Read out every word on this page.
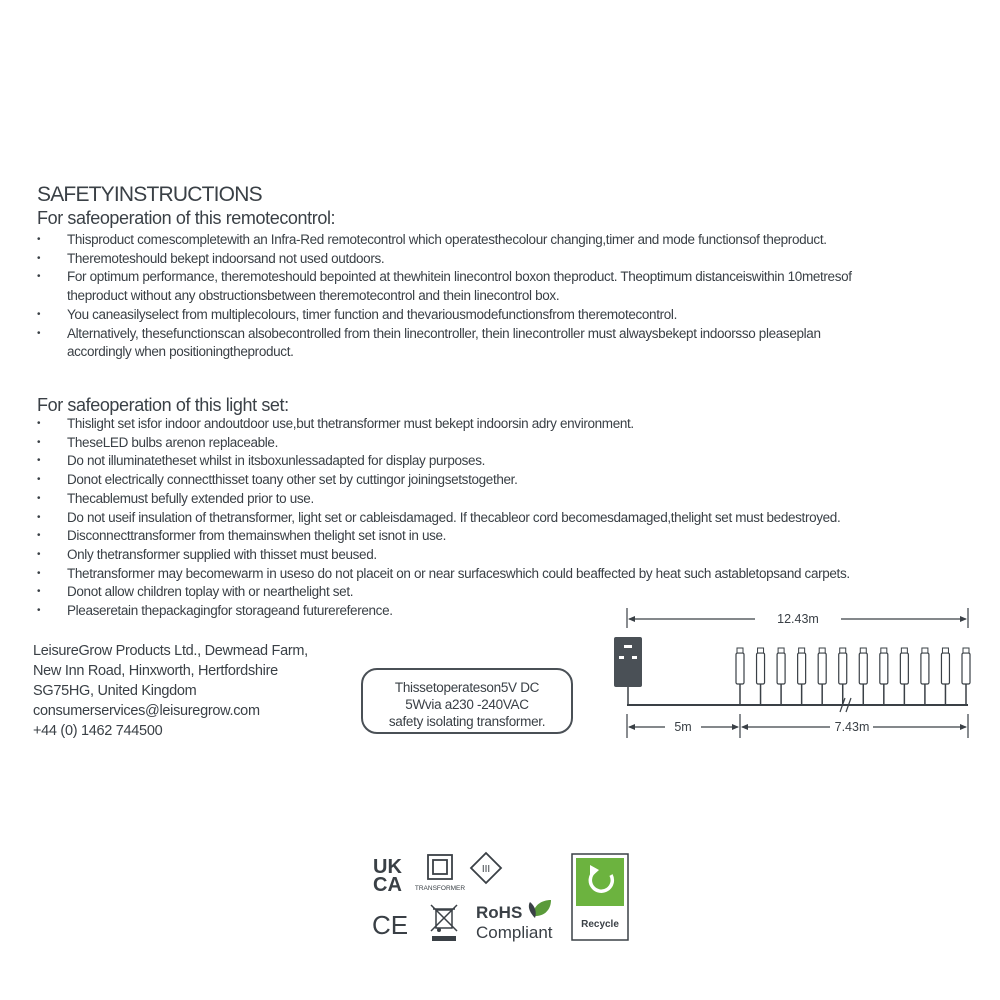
SAFETYINSTRUCTIONS
For safeoperation of this remotecontrol:
• Thisproduct comescompletewith an Infra-Red remotecontrol which operatesthecolour changing,timer and mode functionsof theproduct.
• Theremoteshould bekept indoorsand not used outdoors.
• For optimum performance, theremoteshould bepointed at thewhitein linecontrol boxon theproduct. Theoptimum distanceiswithin 10metresof theproduct without any obstructionsbetween theremotecontrol and thein linecontrol box.
• You caneasilyselect from multiplecolours, timer function and thevariousmodefunctionsfrom theremotecontrol.
• Alternatively, thesefunctionscan alsobecontrolled from thein linecontroller, thein linecontroller must alwaysbekept indoorsso pleaseplan accordingly when positioningtheproduct.
For safeoperation of this light set:
• Thislight set isfor indoor andoutdoor use,but thetransformer must bekept indoorsin adry environment.
• TheseLED bulbs arenon replaceable.
• Do not illuminatetheset whilst in itsboxunlessadapted for display purposes.
• Donot electrically connectthisset toany other set by cuttingor joiningsetstogether.
• Thecablemust befully extended prior to use.
• Do not useif insulation of thetransformer, light set or cableisdamaged. If thecableor cord becomesdamaged,thelight set must bedestroyed.
• Disconnecttransformer from themainswhen thelight set isnot in use.
• Only thetransformer supplied with thisset must beused.
• Thetransformer may becomewarm in useso do not placeit on or near surfaceswhich could beaffected by heat such astabletopsand carpets.
• Donot allow children toplay with or nearthelight set.
• Pleaseretain thepackagingfor storageand futurereference.
LeisureGrow Products Ltd., Dewmead Farm,
New Inn Road, Hinxworth, Hertfordshire
SG75HG, United Kingdom
consumerservices@leisuregrow.com
+44 (0) 1462 744500
Thissetoperateson5V DC
5Wvia a230 -240VAC
safety isolating transformer.
12.43m
5m	7.43m
UK
CA TRANSFORMER
III
CE	RoHS
Compliant	Recycle
